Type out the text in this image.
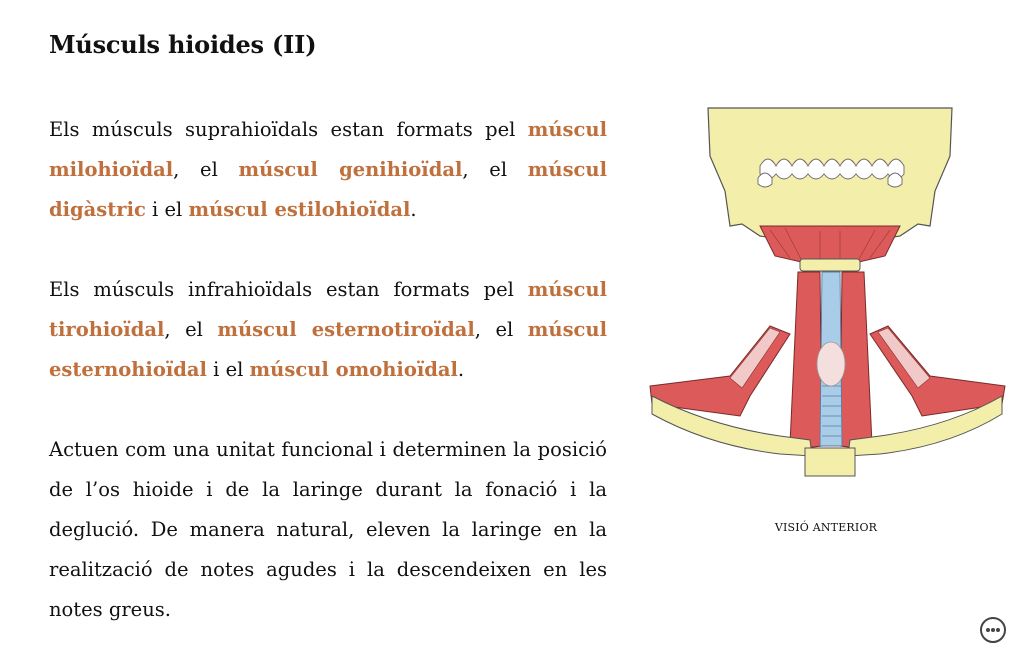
Músculs hioides (II)

Els músculs suprahioïdals estan formats pel múscul milohioïdal, el múscul genihioïdal, el múscul digàstric i el múscul estilohioïdal.

Els músculs infrahioïdals estan formats pel múscul tirohioïdal, el múscul esternotiroïdal, el múscul esternohioïdal i el múscul omohioïdal.

Actuen com una unitat funcional i determinen la posició de l’os hioide i de la laringe durant la fonació i la deglució. De manera natural, eleven la laringe en la realització de notes agudes i la descendeixen en les notes greus.

VISIÓ ANTERIOR
